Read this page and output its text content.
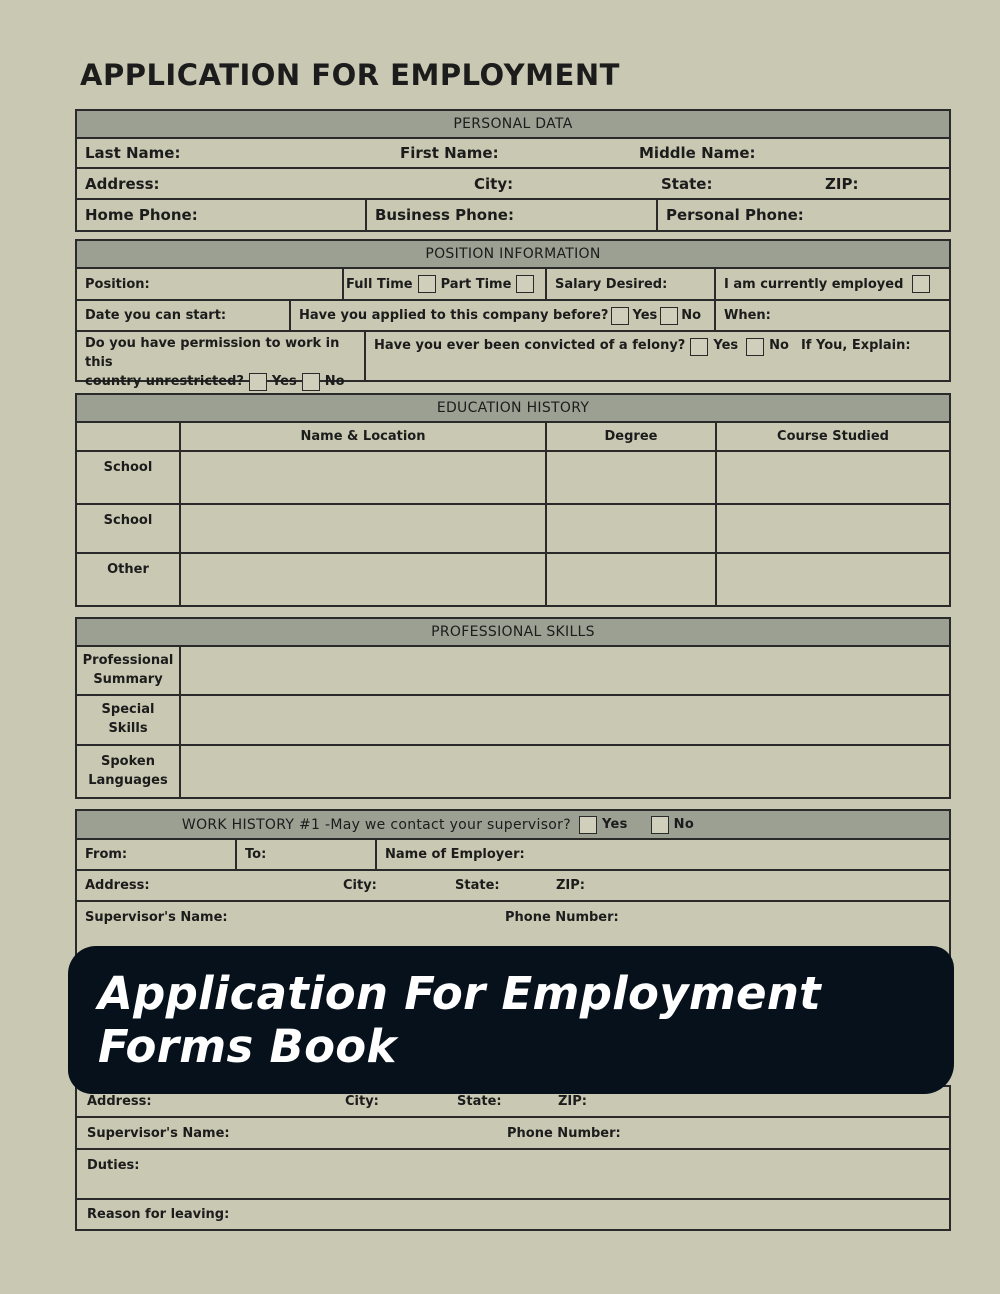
APPLICATION FOR EMPLOYMENT
PERSONAL DATA
Last Name:	First Name:	Middle Name:
Address:	City:	State:	ZIP:
Home Phone:	Business Phone:	Personal Phone:
POSITION INFORMATION
Position:	Full Time Part Time	Salary Desired:	I am currently employed
Date you can start:	Have you applied to this company before? Yes No When:
Do you have permission to work in this
country unrestricted? Yes No
Have you ever been convicted of a felony? Yes No If You, Explain:
EDUCATION HISTORY
Name & Location	Degree	Course Studied
School
School
Other
PROFESSIONAL SKILLS
Professional
Summary
Special
Skills
Spoken
Languages
WORK HISTORY #1 -May we contact your supervisor? Yes	No
From:	To:	Name of Employer:
Address:	City:	State:	ZIP:
Supervisor's Name:	Phone Number:
Address:	City:	State:	ZIP:
Supervisor's Name:	Phone Number:
Duties:
Reason for leaving:
Application For Employment Forms Book
